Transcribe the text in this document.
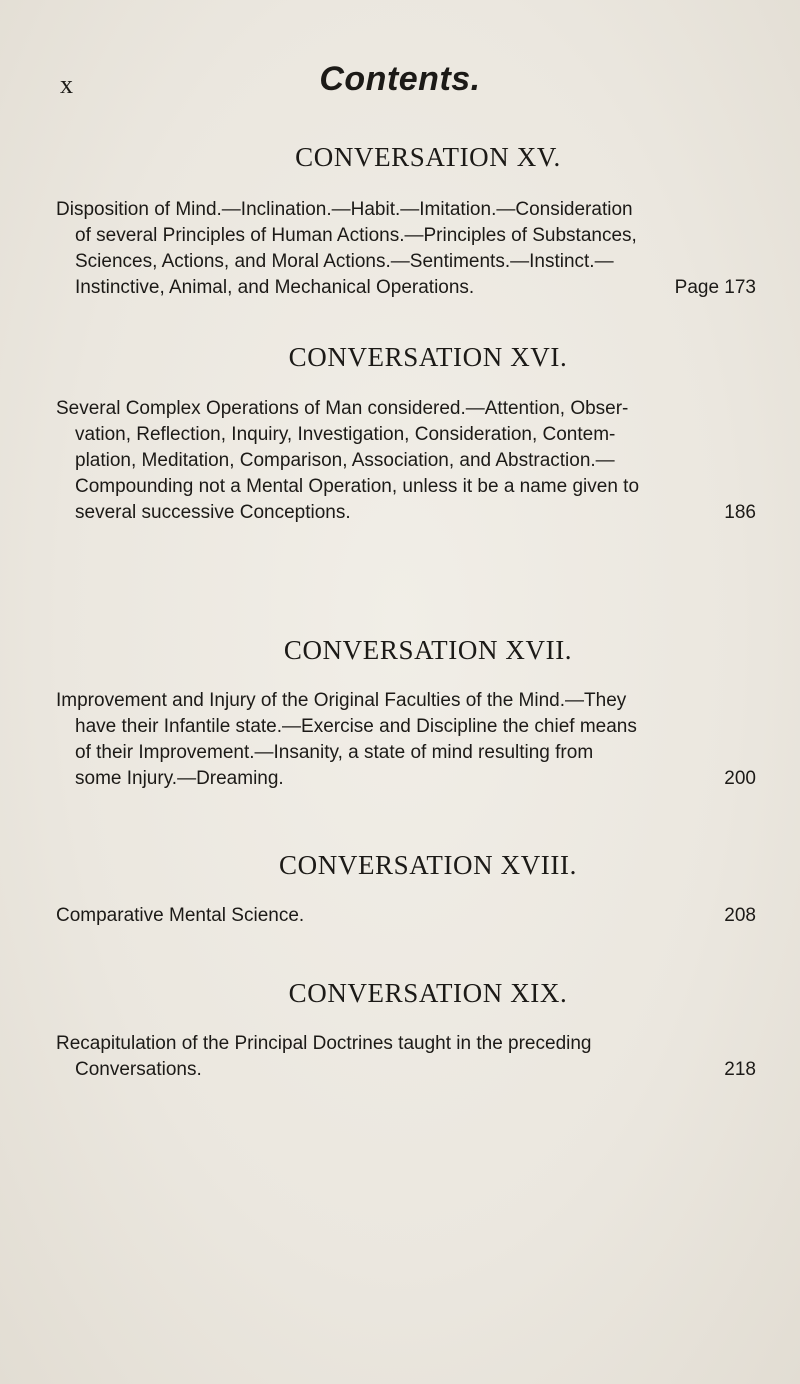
x	Contents.
CONVERSATION XV.
Disposition of Mind.—Inclination.—Habit.—Imitation.—Consideration
of several Principles of Human Actions.—Principles of Substances,
Sciences, Actions, and Moral Actions.—Sentiments.—Instinct.—
Instinctive, Animal, and Mechanical Operations.	Page 173
CONVERSATION XVI.
Several Complex Operations of Man considered.—Attention, Obser-
vation, Reflection, Inquiry, Investigation, Consideration, Contem-
plation, Meditation, Comparison, Association, and Abstraction.—
Compounding not a Mental Operation, unless it be a name given to
several successive Conceptions.	186
CONVERSATION XVII.
Improvement and Injury of the Original Faculties of the Mind.—They
have their Infantile state.—Exercise and Discipline the chief means
of their Improvement.—Insanity, a state of mind resulting from
some Injury.—Dreaming.	200
CONVERSATION XVIII.
Comparative Mental Science.	208
CONVERSATION XIX.
Recapitulation of the Principal Doctrines taught in the preceding
Conversations.	218
